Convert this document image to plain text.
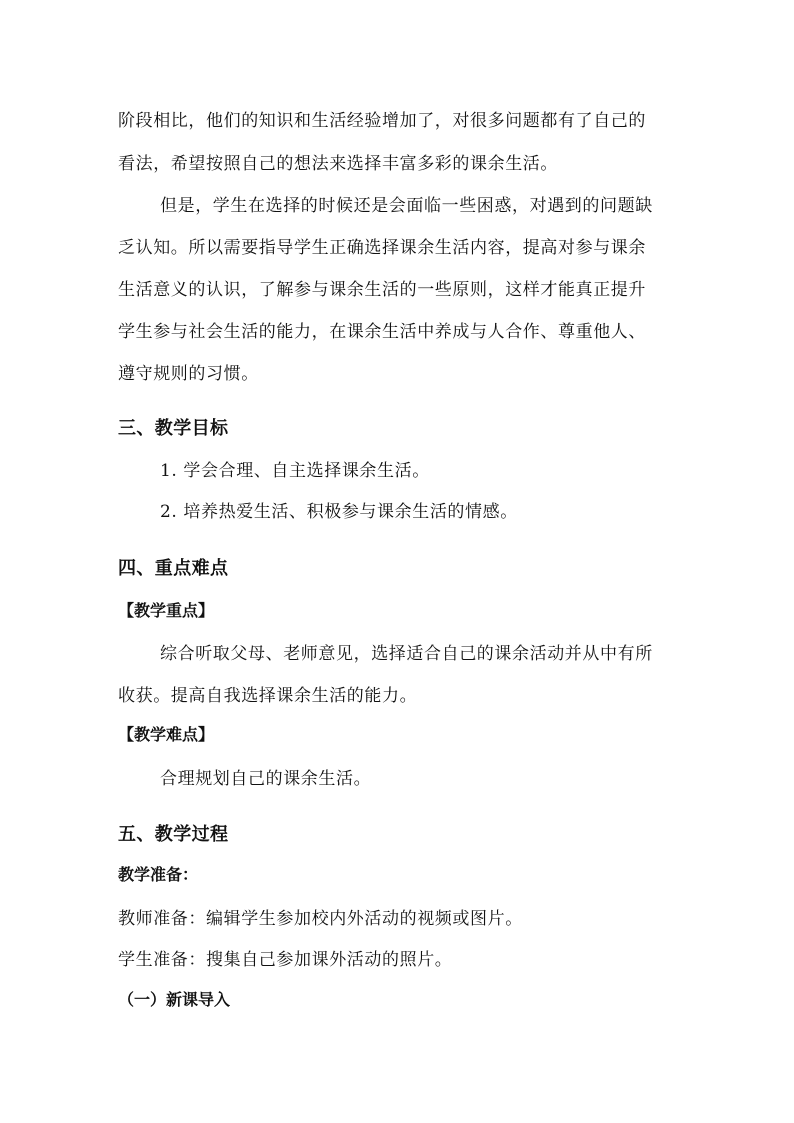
阶段相比，他们的知识和生活经验增加了，对很多问题都有了自己的
看法，希望按照自己的想法来选择丰富多彩的课余生活。
但是，学生在选择的时候还是会面临一些困惑，对遇到的问题缺
乏认知。所以需要指导学生正确选择课余生活内容，提高对参与课余
生活意义的认识，了解参与课余生活的一些原则，这样才能真正提升
学生参与社会生活的能力，在课余生活中养成与人合作、尊重他人、
遵守规则的习惯。
三、教学目标
1. 学会合理、自主选择课余生活。
2. 培养热爱生活、积极参与课余生活的情感。
四、重点难点
【教学重点】
综合听取父母、老师意见，选择适合自己的课余活动并从中有所
收获。提高自我选择课余生活的能力。
【教学难点】
合理规划自己的课余生活。
五、教学过程
教学准备：
教师准备：编辑学生参加校内外活动的视频或图片。
学生准备：搜集自己参加课外活动的照片。
（一）新课导入
